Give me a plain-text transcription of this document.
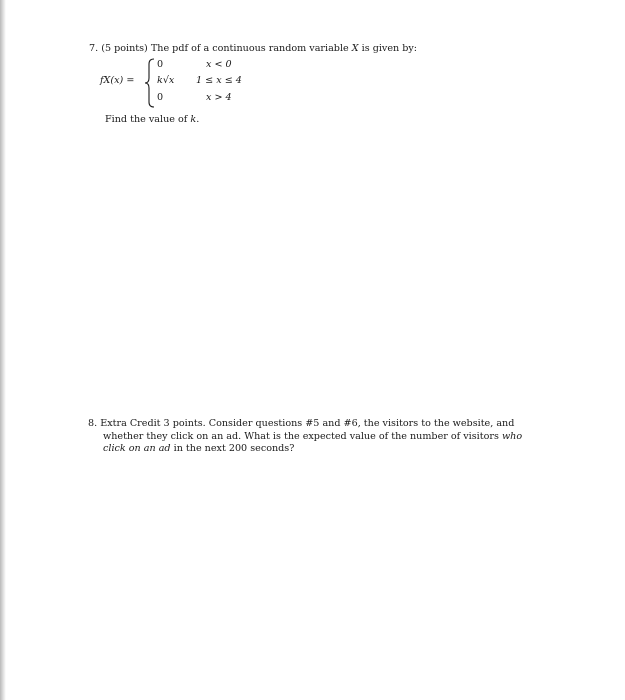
7. (5 points) The pdf of a continuous random variable X is given by:
fX(x) =
0	x < 0
k√x 1 ≤ x ≤ 4
0	x > 4
Find the value of k.
8. Extra Credit 3 points. Consider questions #5 and #6, the visitors to the website, and
whether they click on an ad. What is the expected value of the number of visitors who
click on an ad in the next 200 seconds?
